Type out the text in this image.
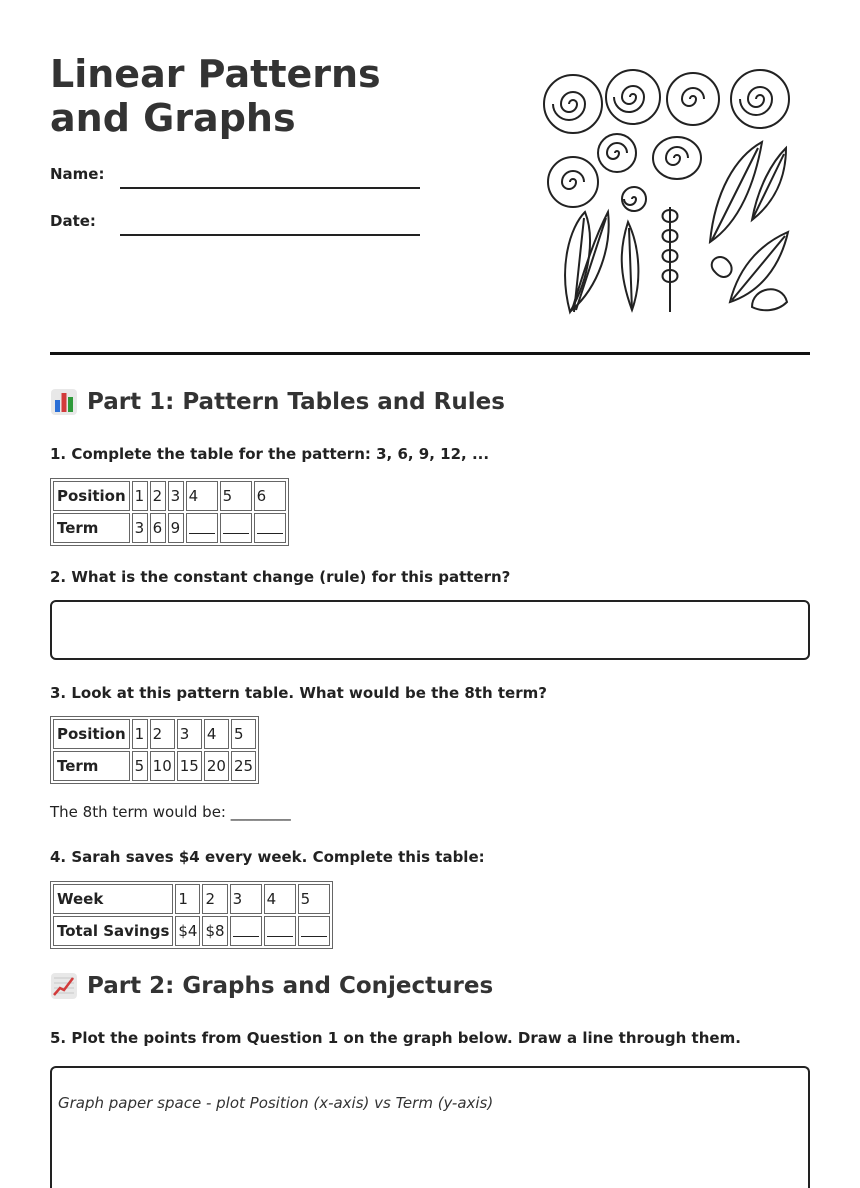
Linear Patterns and Graphs
Name:
Date:
Part 1: Pattern Tables and Rules

1. Complete the table for the pattern: 3, 6, 9, 12, ...

Position	1	2	3	4	5	6
Term	3	6	9			

2. What is the constant change (rule) for this pattern?

3. Look at this pattern table. What would be the 8th term?

Position	1	2	3	4	5
Term	5	10	15	20	25
The 8th term would be: ________

4. Sarah saves $4 every week. Complete this table:

Week	1	2	3	4	5
Total Savings	$4	$8			
Part 2: Graphs and Conjectures

5. Plot the points from Question 1 on the graph below. Draw a line through them.

Graph paper space - plot Position (x-axis) vs Term (y-axis)
